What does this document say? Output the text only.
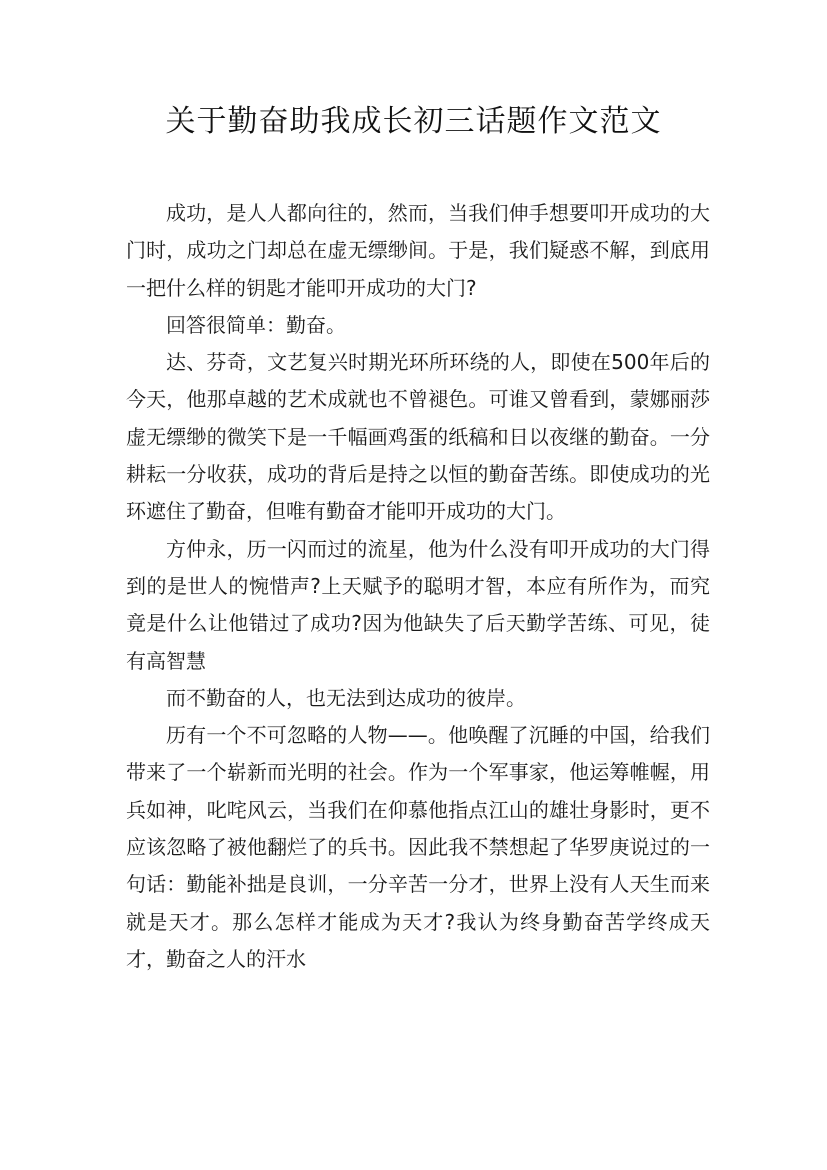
关于勤奋助我成长初三话题作文范文

成功，是人人都向往的，然而，当我们伸手想要叩开成功的大门时，成功之门却总在虚无缥缈间。于是，我们疑惑不解，到底用一把什么样的钥匙才能叩开成功的大门?

回答很简单：勤奋。

达、芬奇，文艺复兴时期光环所环绕的人，即使在500年后的今天，他那卓越的艺术成就也不曾褪色。可谁又曾看到，蒙娜丽莎虚无缥缈的微笑下是一千幅画鸡蛋的纸稿和日以夜继的勤奋。一分耕耘一分收获，成功的背后是持之以恒的勤奋苦练。即使成功的光环遮住了勤奋，但唯有勤奋才能叩开成功的大门。

方仲永，历一闪而过的流星，他为什么没有叩开成功的大门得到的是世人的惋惜声?上天赋予的聪明才智，本应有所作为，而究竟是什么让他错过了成功?因为他缺失了后天勤学苦练、可见，徒有高智慧

而不勤奋的人，也无法到达成功的彼岸。

历有一个不可忽略的人物——。他唤醒了沉睡的中国，给我们带来了一个崭新而光明的社会。作为一个军事家，他运筹帷幄，用兵如神，叱咤风云，当我们在仰慕他指点江山的雄壮身影时，更不应该忽略了被他翻烂了的兵书。因此我不禁想起了华罗庚说过的一句话：勤能补拙是良训，一分辛苦一分才，世界上没有人天生而来就是天才。那么怎样才能成为天才?我认为终身勤奋苦学终成天才，勤奋之人的汗水
